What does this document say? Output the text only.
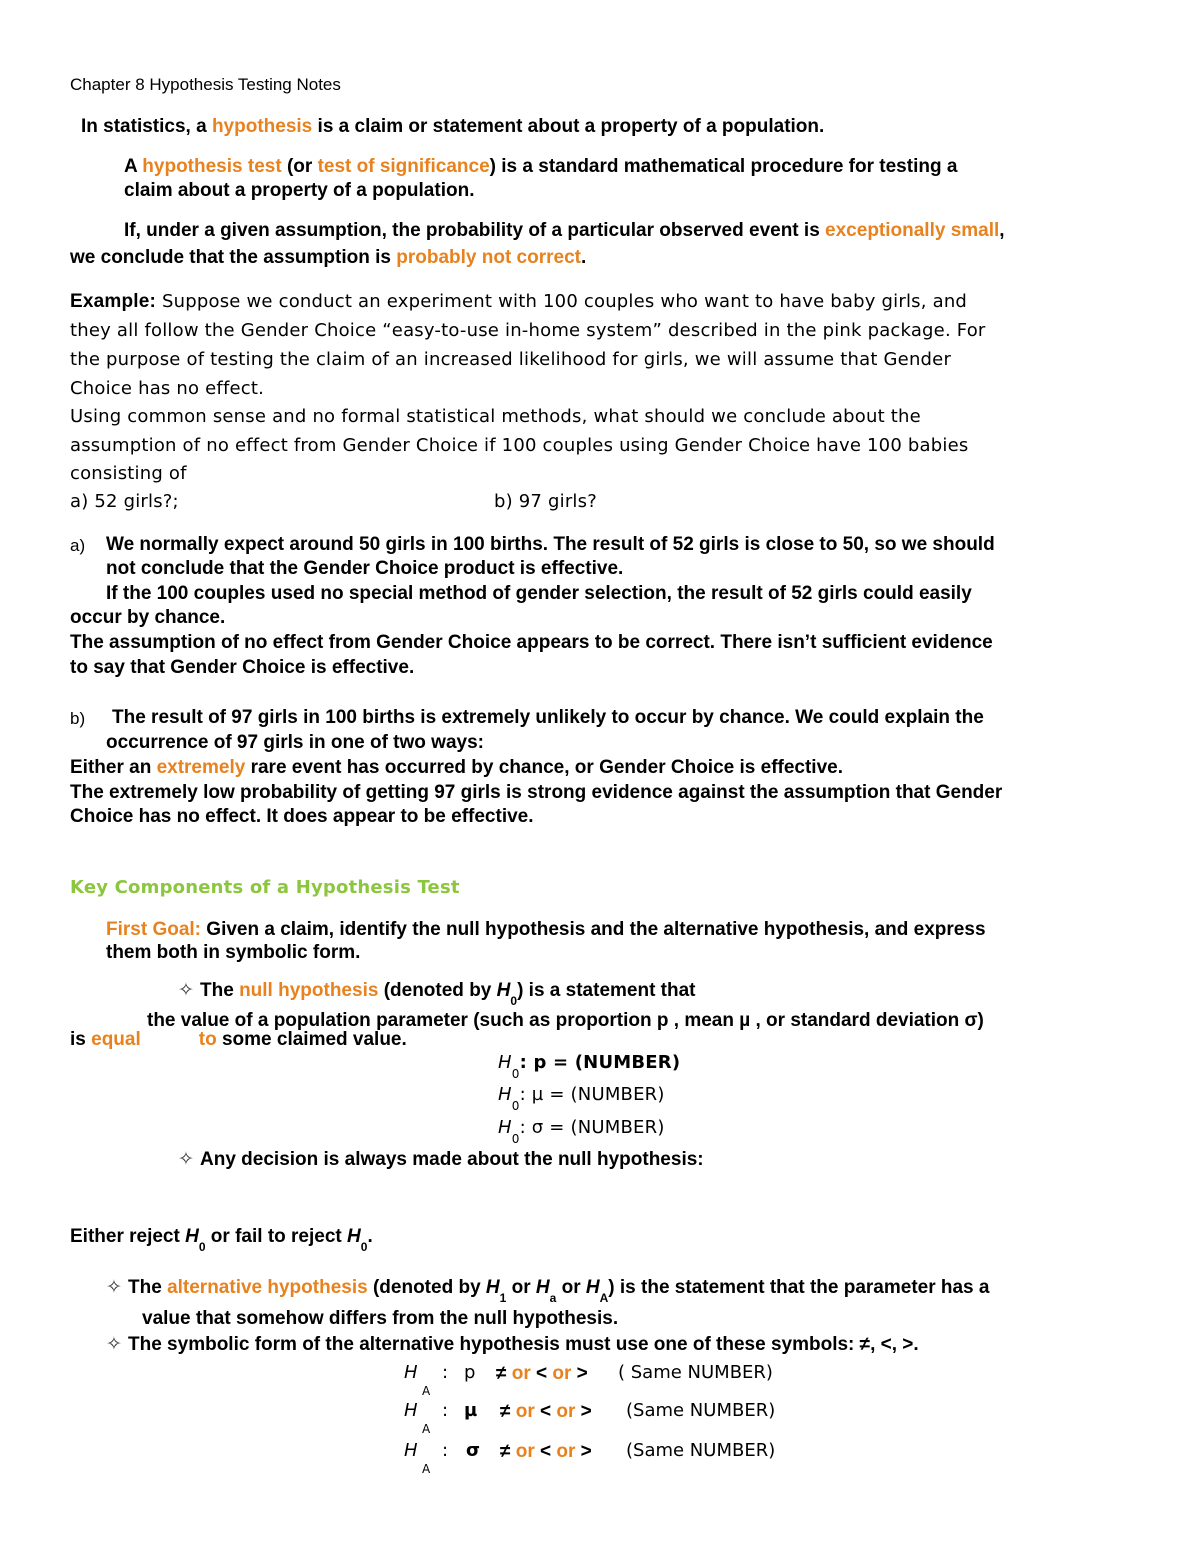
Chapter 8 Hypothesis Testing Notes
In statistics, a hypothesis is a claim or statement about a property of a population.
A hypothesis test (or test of significance) is a standard mathematical procedure for testing a
claim about a property of a population.
If, under a given assumption, the probability of a particular observed event is exceptionally small,
we conclude that the assumption is probably not correct.
Example: Suppose we conduct an experiment with 100 couples who want to have baby girls, and
they all follow the Gender Choice “easy-to-use in-home system” described in the pink package. For
the purpose of testing the claim of an increased likelihood for girls, we will assume that Gender
Choice has no effect.
Using common sense and no formal statistical methods, what should we conclude about the
assumption of no effect from Gender Choice if 100 couples using Gender Choice have 100 babies
consisting of
a) 52 girls?;	b) 97 girls?
a) We normally expect around 50 girls in 100 births. The result of 52 girls is close to 50, so we should
not conclude that the Gender Choice product is effective.
If the 100 couples used no special method of gender selection, the result of 52 girls could easily
occur by chance.
The assumption of no effect from Gender Choice appears to be correct. There isn’t sufficient evidence
to say that Gender Choice is effective.
b) The result of 97 girls in 100 births is extremely unlikely to occur by chance. We could explain the
occurrence of 97 girls in one of two ways:
Either an extremely rare event has occurred by chance, or Gender Choice is effective.
The extremely low probability of getting 97 girls is strong evidence against the assumption that Gender
Choice has no effect. It does appear to be effective.
Key Components of a Hypothesis Test
First Goal: Given a claim, identify the null hypothesis and the alternative hypothesis, and express
them both in symbolic form.
✧ The null hypothesis (denoted by $H_0$) is a statement that
the value of a population parameter (such as proportion p , mean µ , or standard deviation σ)
is equal	to some claimed value.
$H_0$: p = (NUMBER)
$H_0$: µ = (NUMBER)
$H_0$: σ = (NUMBER)
✧ Any decision is always made about the null hypothesis:
Either reject $H_0$ or fail to reject $H_0$.
✧ The alternative hypothesis (denoted by $H_1$ or $H_a$ or $H_A$) is the statement that the parameter has a
value that somehow differs from the null hypothesis.
✧ The symbolic form of the alternative hypothesis must use one of these symbols: ≠, <, >.
H
A
: p ≠ or < or > ( Same NUMBER)
H
A
: µ ≠ or < or > (Same NUMBER)
H
A
: σ ≠ or < or > (Same NUMBER)
